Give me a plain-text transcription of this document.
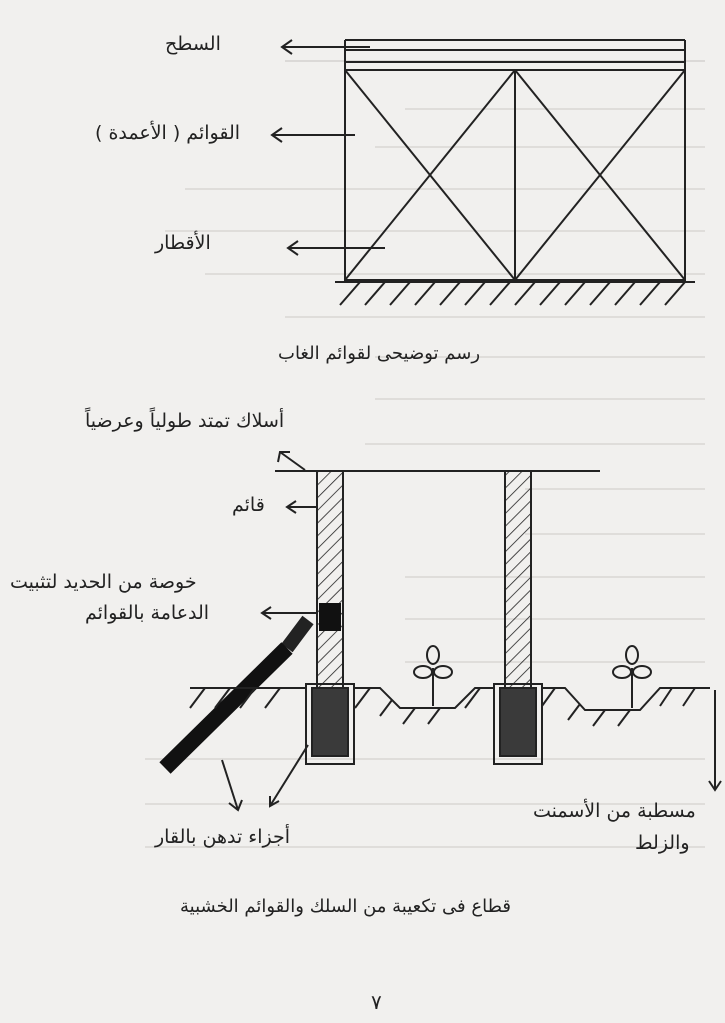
السطح
القوائم ( الأعمدة )
الأقطار
رسم توضيحى لقوائم الغاب
أسلاك تمتد طولياً وعرضياً
قائم
خوصة من الحديد لتثبيت
الدعامة بالقوائم
أجزاء تدهن بالقار
مسطبة من الأسمنت
والزلط
قطاع فى تكعيبة من السلك والقوائم الخشبية
٧
